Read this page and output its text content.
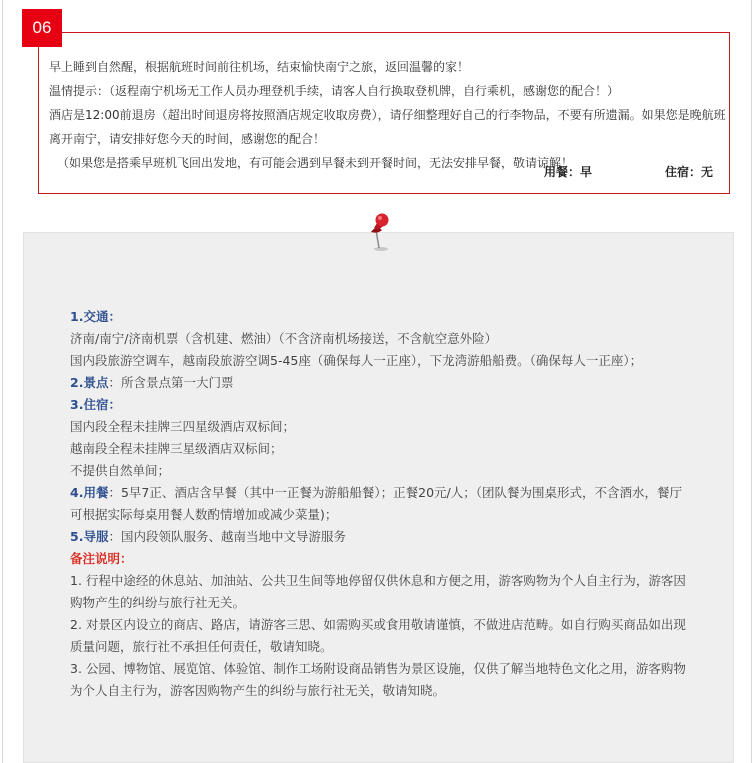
06

早上睡到自然醒，根据航班时间前往机场，结束愉快南宁之旅，返回温馨的家！

温情提示：（返程南宁机场无工作人员办理登机手续，请客人自行换取登机牌，自行乘机，感谢您的配合！）

酒店是12:00前退房（超出时间退房将按照酒店规定收取房费），请仔细整理好自己的行李物品，不要有所遗漏。如果您是晚航班离开南宁，请安排好您今天的时间，感谢您的配合！

（如果您是搭乘早班机飞回出发地，有可能会遇到早餐未到开餐时间，无法安排早餐，敬请谅解！

用餐：早	住宿：无

1.交通：

济南/南宁/济南机票（含机建、燃油）（不含济南机场接送，不含航空意外险）

国内段旅游空调车，越南段旅游空调5-45座（确保每人一正座），下龙湾游船船费。（确保每人一正座）；

2.景点：所含景点第一大门票

3.住宿：

国内段全程未挂牌三四星级酒店双标间；

越南段全程未挂牌三星级酒店双标间；

不提供自然单间；

4.用餐：5早7正、酒店含早餐（其中一正餐为游船船餐）；正餐20元/人；（团队餐为围桌形式，不含酒水，餐厅可根据实际每桌用餐人数酌情增加或减少菜量)；

5.导服：国内段领队服务、越南当地中文导游服务

备注说明：

1. 行程中途经的休息站、加油站、公共卫生间等地停留仅供休息和方便之用，游客购物为个人自主行为，游客因购物产生的纠纷与旅行社无关。

2. 对景区内设立的商店、路店，请游客三思、如需购买或食用敬请谨慎，不做进店范畴。如自行购买商品如出现质量问题，旅行社不承担任何责任，敬请知晓。

3. 公园、博物馆、展览馆、体验馆、制作工场附设商品销售为景区设施，仅供了解当地特色文化之用，游客购物为个人自主行为，游客因购物产生的纠纷与旅行社无关，敬请知晓。
